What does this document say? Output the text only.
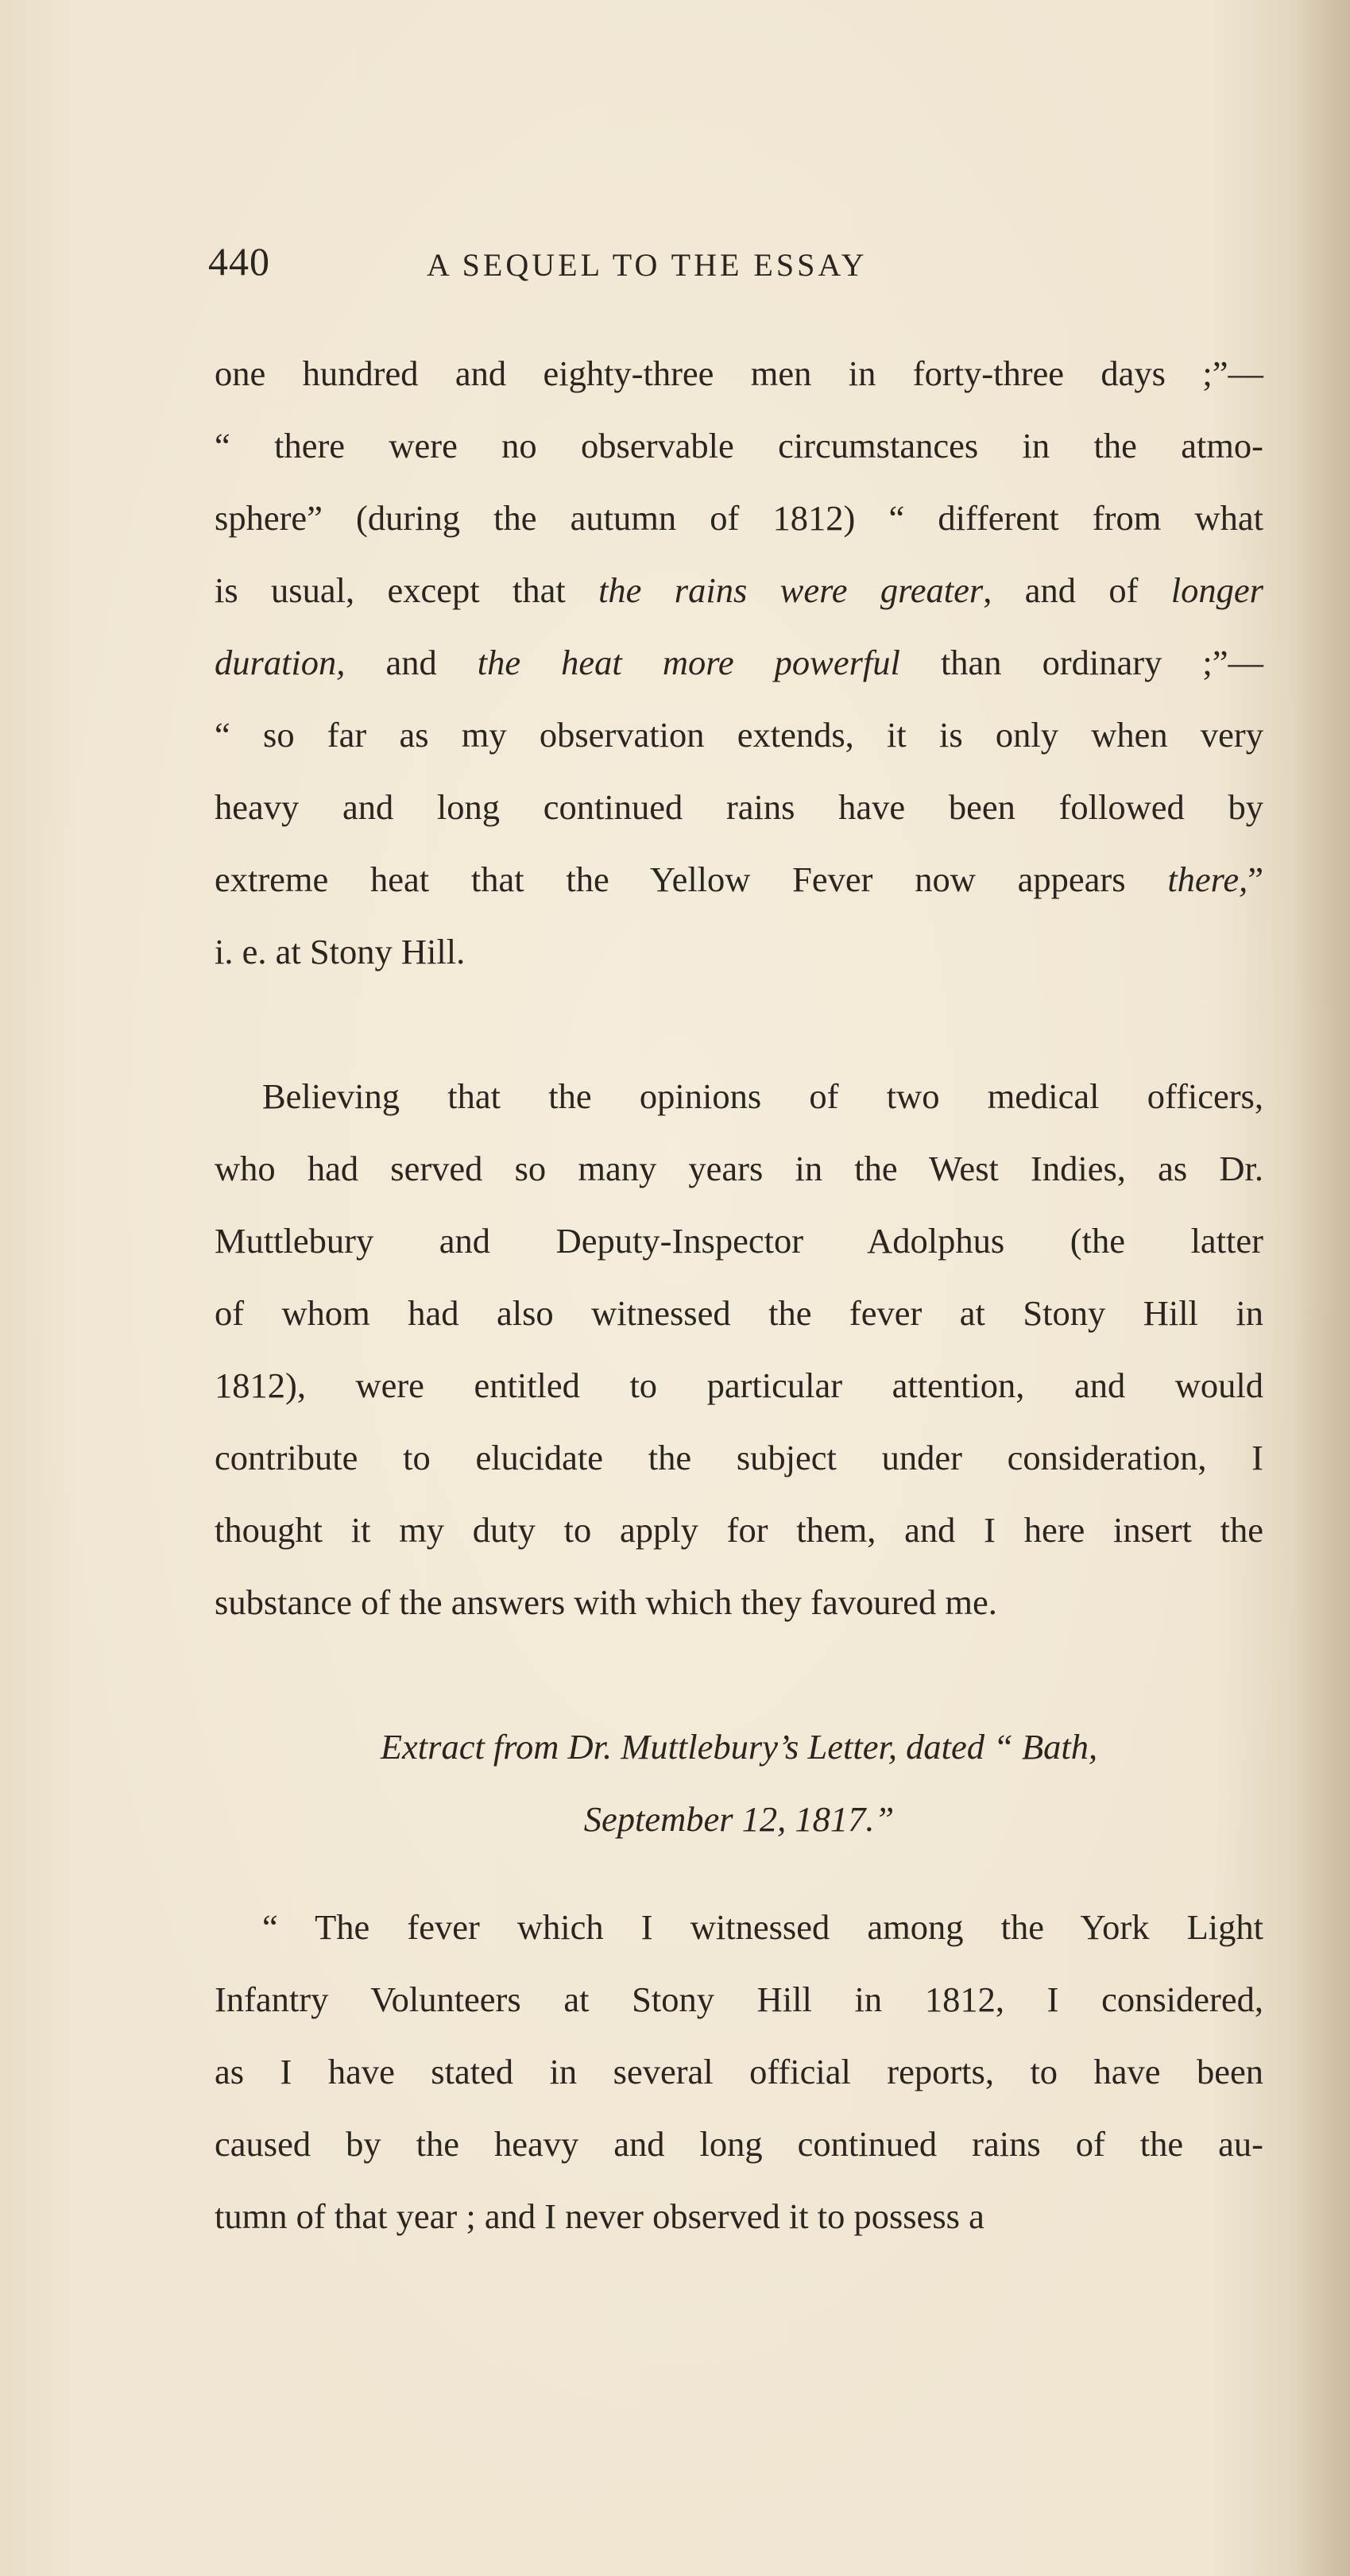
440	A SEQUEL TO THE ESSAY

one hundred and eighty-three men in forty-three days ;”—
“ there were no observable circumstances in the atmo-
sphere” (during the autumn of 1812) “ different from what
is usual, except that the rains were greater, and of longer
duration, and the heat more powerful than ordinary ;”—
“ so far as my observation extends, it is only when very
heavy and long continued rains have been followed by
extreme heat that the Yellow Fever now appears there,”
i. e. at Stony Hill.

Believing that the opinions of two medical officers,
who had served so many years in the West Indies, as Dr.
Muttlebury and Deputy-Inspector Adolphus (the latter
of whom had also witnessed the fever at Stony Hill in
1812), were entitled to particular attention, and would
contribute to elucidate the subject under consideration, I
thought it my duty to apply for them, and I here insert the
substance of the answers with which they favoured me.

Extract from Dr. Muttlebury’s Letter, dated “ Bath,
September 12, 1817.”

“ The fever which I witnessed among the York Light
Infantry Volunteers at Stony Hill in 1812, I considered,
as I have stated in several official reports, to have been
caused by the heavy and long continued rains of the au-
tumn of that year ; and I never observed it to possess a
